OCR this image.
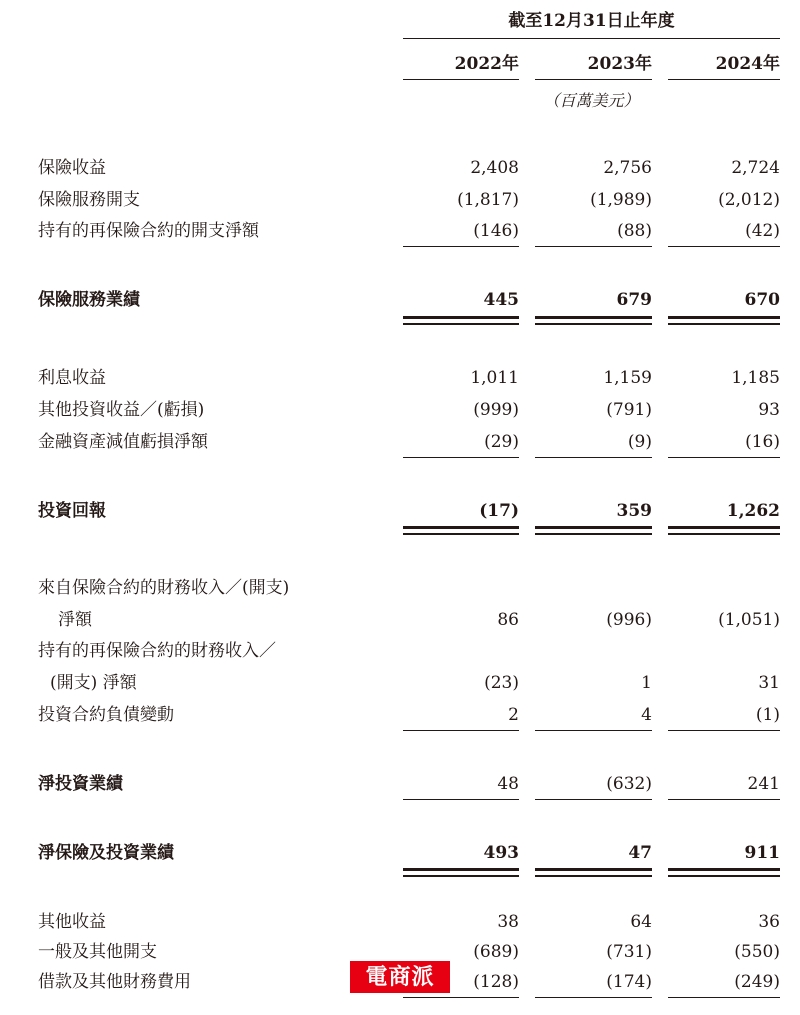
截至12月31日止年度
2022年	2023年	2024年
（百萬美元）
保險收益	2,408	2,756	2,724
保險服務開支	(1,817)	(1,989)	(2,012)
持有的再保險合約的開支淨額	(146)	(88)	(42)
保險服務業績	445	679	670
利息收益	1,011	1,159	1,185
其他投資收益／(虧損)	(999)	(791)	93
金融資產減值虧損淨額	(29)	(9)	(16)
投資回報	(17)	359	1,262
來自保險合約的財務收入／(開支)
淨額	86	(996)	(1,051)
持有的再保險合約的財務收入／
(開支) 淨額	(23)	1	31
投資合約負債變動	2	4	(1)
淨投資業績	48	(632)	241
淨保險及投資業績	493	47	911
其他收益	38	64	36
一般及其他開支	(689)	(731)	(550)
借款及其他財務費用	(128)	(174)	(249)
電商派
